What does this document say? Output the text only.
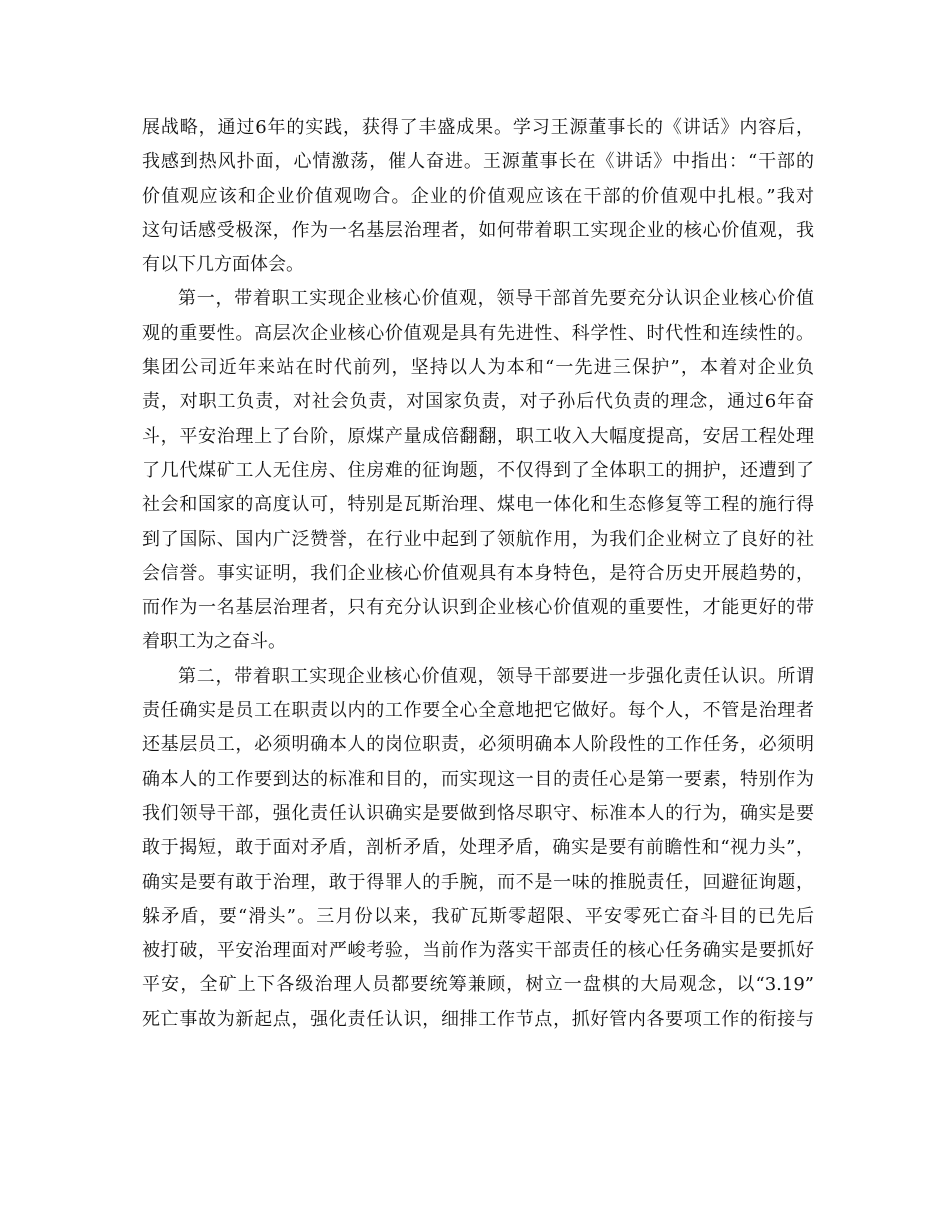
展战略，通过6年的实践，获得了丰盛成果。学习王源董事长的《讲话》内容后，
我感到热风扑面，心情激荡，催人奋进。王源董事长在《讲话》中指出：“干部的
价值观应该和企业价值观吻合。企业的价值观应该在干部的价值观中扎根。”我对
这句话感受极深，作为一名基层治理者，如何带着职工实现企业的核心价值观，我
有以下几方面体会。
第一，带着职工实现企业核心价值观，领导干部首先要充分认识企业核心价值
观的重要性。高层次企业核心价值观是具有先进性、科学性、时代性和连续性的。
集团公司近年来站在时代前列，坚持以人为本和“一先进三保护”，本着对企业负
责，对职工负责，对社会负责，对国家负责，对子孙后代负责的理念，通过6年奋
斗，平安治理上了台阶，原煤产量成倍翻翻，职工收入大幅度提高，安居工程处理
了几代煤矿工人无住房、住房难的征询题，不仅得到了全体职工的拥护，还遭到了
社会和国家的高度认可，特别是瓦斯治理、煤电一体化和生态修复等工程的施行得
到了国际、国内广泛赞誉，在行业中起到了领航作用，为我们企业树立了良好的社
会信誉。事实证明，我们企业核心价值观具有本身特色，是符合历史开展趋势的，
而作为一名基层治理者，只有充分认识到企业核心价值观的重要性，才能更好的带
着职工为之奋斗。
第二，带着职工实现企业核心价值观，领导干部要进一步强化责任认识。所谓
责任确实是员工在职责以内的工作要全心全意地把它做好。每个人，不管是治理者
还基层员工，必须明确本人的岗位职责，必须明确本人阶段性的工作任务，必须明
确本人的工作要到达的标准和目的，而实现这一目的责任心是第一要素，特别作为
我们领导干部，强化责任认识确实是要做到恪尽职守、标准本人的行为，确实是要
敢于揭短，敢于面对矛盾，剖析矛盾，处理矛盾，确实是要有前瞻性和“视力头”，
确实是要有敢于治理，敢于得罪人的手腕，而不是一味的推脱责任，回避征询题，
躲矛盾，要“滑头”。三月份以来，我矿瓦斯零超限、平安零死亡奋斗目的已先后
被打破，平安治理面对严峻考验，当前作为落实干部责任的核心任务确实是要抓好
平安，全矿上下各级治理人员都要统筹兼顾，树立一盘棋的大局观念，以“3.19”
死亡事故为新起点，强化责任认识，细排工作节点，抓好管内各要项工作的衔接与
